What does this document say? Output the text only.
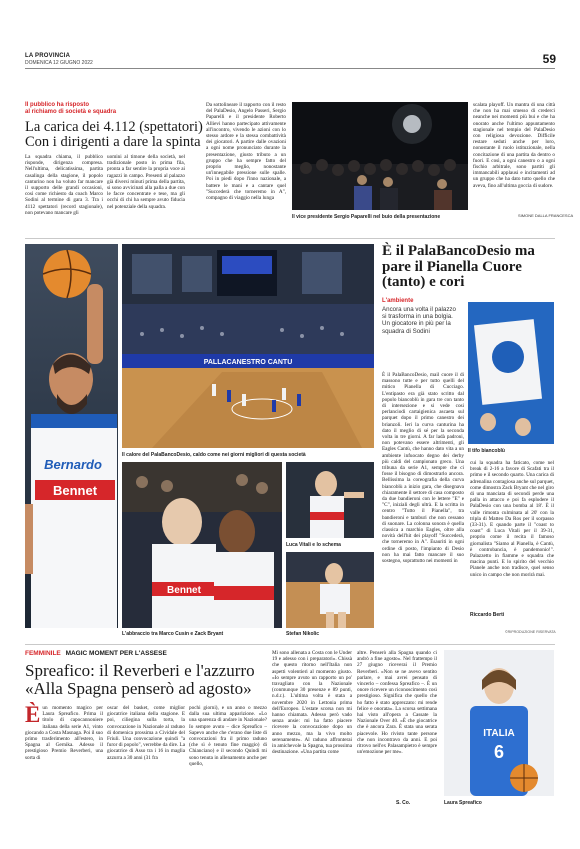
LA PROVINCIA
DOMENICA 12 GIUGNO 2022	59
Il pubblico ha risposto
al richiamo di società e squadra
La carica dei 4.112 (spettatori)
Con i dirigenti a dare la spinta
La squadra chiama, il pubblico risponde, dirigenza compresa. Nell'ultima, delicatissima, partita casalinga della stagione, il popolo canturino non ha voluto far mancare il supporto delle grandi occasioni, così come richiesto da coach Marco Sodini al termine di gara 3. Tra i 4112 spettatori (record stagionale), non potevano mancare gli
uomini al timone della società, nel tradizionale posto in prima fila, pronta a far sentire la propria voce ai ragazzi in campo. Presenti al palazzo già diversi minuti prima della partita, si sono avvicinati alla palla a due con le facce concentrate e tese, ma gli occhi di chi ha sempre avuto fiducia nel potenziale della squadra.
Da sottolineare il rapporto con il resto del PalaDesio, Angelo Passeri, Sergio Paparelli e il presidente Roberto Allievi hanno partecipato attivamente all'incontro, vivendo le azioni con lo stesso ardore e la stessa combattività dei giocatori. A partire dalle ovazioni a ogni nome pronunciato durante la presentazione, giusto tributo a un gruppo che ha sempre fatto del proprio meglio, nonostante un'innegabile pressione sulle spalle. Poi in piedi dopo l'inno nazionale, a battere le mani e a cantare quel "Succederà che torneremo in A", compagno di viaggio nella lunga
scalata playoff. Un mantra di una città che non ha mai smesso di crederci neanche nei momenti più bui e che ha onorato anche l'ultimo appuntamento stagionale nel tempio del PalaDesio con religiosa devozione. Difficile restare seduti anche per loro, nonostante il ruolo istituzionale, nella concitazione di una partita da dentro o fuori. E così, a ogni canestro o a ogni fischio arbitrale, sono partiti gli immancabili applausi e incitamenti ad un gruppo che ha dato tutto quello che aveva, fino all'ultima goccia di sudore.
SIMONE DALLA FRANCESCA
Il vice presidente Sergio Paparelli nel buio della presentazione
Bernardo
Bennet
PALLACANESTRO CANTU
Il calore del PalaBancoDesio, caldo come nei giorni migliori di questa società
Bennet
L'abbraccio tra Marco Cusin e Zack Bryant
Luca Vitali e lo schema
Stefan Nikolic
È il PalaBancoDesio ma pare il Pianella Cuore (tanto) e cori
L'ambiente
Ancora una volta il palazzo si trasforma in una bolgia. Un giocatore in più per la squadra di Sodini
Il tifo biancoblù
È il PalaBancoDesio, mail cuore il di massono tutte e per tutto quelli del mitico Pianella di Cucciago. L'entipasto era già stato scritto dal popolo biancoblù in gara tre con tanto di intersezione e si vede cosi perlanciodi cartaigienica ascaeta sul parquet dopo il primo canestro dei brianzoli. Ieri la curva canturina ha dato il meglio di sé per la seconda volta in tre giorni. A far ladà padroni, non potevano essere altrimenti, gli Eagles Cantù, che hanno dato vita a un ambiente infuocato degno dei derby più caldi del campionato greco. Una tribuna da serie A1, sempre che ci fosse il bisogno di dimostrarlo ancora. Bellissima la coreografia della curva biancoblù a inizio gara, che disegnava chiaramente il settore di casa composto da due bandieroni con le lettere "E" e "C", iniziali degli ultrà. E la scritta in centro "Tutto il Pianella", tra bandieroni e tamburi che non cessano di suonare. La colonna sonora è quella classica a marchio Eagles, oltre alla novità dell'hit dei playoff "Succederà, che torneremo in A". Esauriti in ogni ordine di posto, l'impianto di Desio non ha mai fatto mancare il suo sostegno, soprattutto nei momenti in
cui la squadra ha faticato, come nel break di 2-16 a favore di Scafati tra il primo e il secondo quarto. Una carica di adrenalina contagiosa anche sul parquet, come dimostra Zack Bryant che nel giro di una manciata di secondi perde una palla in attacco e poi fa esplodere il PalaDesio con una bomba al 18'. È il valle rimonta culminata al 20' con la tripla di Matteo Da Ros per il sorpasso (33-31). E quando parte il "coast to coast" di Luca Vitali per il 39-31, proprio come il recita il famoso giornalista "Siamo al Pianella, è Cantù, è controbancia, è pandemonio!". Palazzetto in fiamme e squadra che macina punti. E lo spirito del vecchio Pianele anche non tradisce, quel senso unico in campo che non morirà mai.
Riccardo Berti
©RIPRODUZIONE RISERVATA
FEMMINILE MAGIC MOMENT PER L'ASSESE
Spreafico: il Reverberi e l'azzurro
«Alla Spagna penserò ad agosto»
È un momento magico per Laura Spreafico. Prima il titolo di capocannoniere italiana della serie A1, vinto giocando a Costa Masnaga. Poi il suo primo trasferimento all'estero, in Spagna al Gernika. Adesso il prestigioso Premio Reverberi, una sorta di
oscar del basket, come miglior giocatrice italiana della stagione. E poi, ciliegina sulla torta, la convocazione in Nazionale al raduno di domenica prossima a Cividale del Friuli. Una convocazione quindi "a furor di popolo", verrebbe da dire. La giocatrice di Asso tra i 16 in maglia azzurra a 30 anni (31 fra
pochi giorni), e un anno o mezzo dalla sua ultima apparizione. «Lo una sparenza di andare in Nazionale? Io sempre avuto – dice Spreafico – Sapevo anche che c'erano due liste di convocazioni fra il primo raduno (che sì è tenuto fine maggio) di Chianciano) e il secondo Quindi mi sono tenuta in allenamento anche per quello,
Mi sono allenata a Costa con le Under 19 e adesso con i preparatori». Chissà che questo ritorno nell'Italia non aspetti volentieri al momento giusto. «Io sempre avuto un rapporto un po' travagliato con la Nazionale (conmunque 30 presenze e 89 punti, n.d.r.). L'ultima volta è stata a novembre 2020 in Lettonia prima dell'Europeo. L'estate scorsa non mi hanno chiamata. Adesso però vado senza ansie: mi ha fatto piacere ricevere la convocazione dopo un anno mezzo, ma la vivo molto serenamente». Al raduno affronterai in amichevole la Spagna, tua prossima destinazione. «Una partita come
altre. Penserò alla Spagna quando ci andrò a fine agosto». Nel frattempo il 27 giugno riceverai il Premio Reverberi. «Non se ne avevo sentito parlare, e mai avrei pensato di vincerlo – confessa Spreafico –. È un onore ricevere un riconoscimento così prestigioso. Significa che quello che ho fatto è stato apprezzato: mi rende felice e onorata». La scorsa settimana hai visto all'opera a Cassate la Nazionale Over 40. «È che giocatrice che è ancora Zara. È stata una serata piacevole. Ho rivisto tante persone che non incontravo da anni. E poi ritrovo nell'ex Palasampietro è sempre un'emozione per me».
S. Co.
ITALIA
6
Laura Spreafico
